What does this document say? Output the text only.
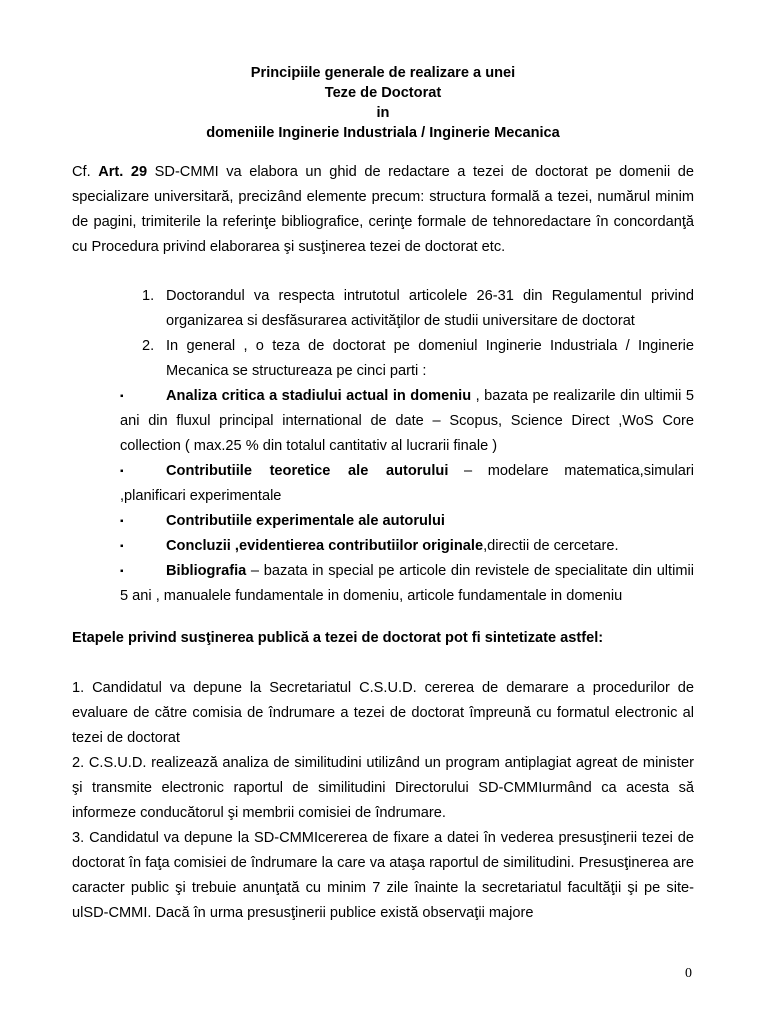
Principiile generale de realizare a unei
Teze de Doctorat
in
domeniile Inginerie Industriala / Inginerie Mecanica

Cf. Art. 29 SD-CMMI va elabora un ghid de redactare a tezei de doctorat pe domenii de specializare universitară, precizând elemente precum: structura formală a tezei, numărul minim de pagini, trimiterile la referinţe bibliografice, cerinţe formale de tehnoredactare în concordanţă cu Procedura privind elaborarea şi susţinerea tezei de doctorat etc.

1. Doctorandul va respecta intrutotul articolele 26-31 din Regulamentul privind organizarea si desfăsurarea activităţilor de studii universitare de doctorat
2. In general , o teza de doctorat pe domeniul Inginerie Industriala / Inginerie Mecanica se structureaza pe cinci parti :
▪	Analiza critica a stadiului actual in domeniu , bazata pe realizarile din ultimii 5 ani din fluxul principal international de date – Scopus, Science Direct ,WoS Core collection ( max.25 % din totalul cantitativ al lucrarii finale )
▪	Contributiile teoretice ale autorului – modelare matematica,simulari ,planificari experimentale
▪	Contributiile experimentale ale autorului
▪	Concluzii ,evidentierea contributiilor originale,directii de cercetare.
▪	Bibliografia – bazata in special pe articole din revistele de specialitate din ultimii 5 ani , manualele fundamentale in domeniu, articole fundamentale in domeniu

Etapele privind susţinerea publică a tezei de doctorat pot fi sintetizate astfel:

1. Candidatul va depune la Secretariatul C.S.U.D. cererea de demarare a procedurilor de evaluare de către comisia de îndrumare a tezei de doctorat împreună cu formatul electronic al tezei de doctorat

2. C.S.U.D. realizează analiza de similitudini utilizând un program antiplagiat agreat de minister şi transmite electronic raportul de similitudini Directorului SD-CMMIurmând ca acesta să informeze conducătorul şi membrii comisiei de îndrumare.

3. Candidatul va depune la SD-CMMIcererea de fixare a datei în vederea presusţinerii tezei de doctorat în faţa comisiei de îndrumare la care va ataşa raportul de similitudini. Presusţinerea are caracter public şi trebuie anunţată cu minim 7 zile înainte la secretariatul facultăţii şi pe site-ulSD-CMMI. Dacă în urma presusţinerii publice există observaţii majore

0
